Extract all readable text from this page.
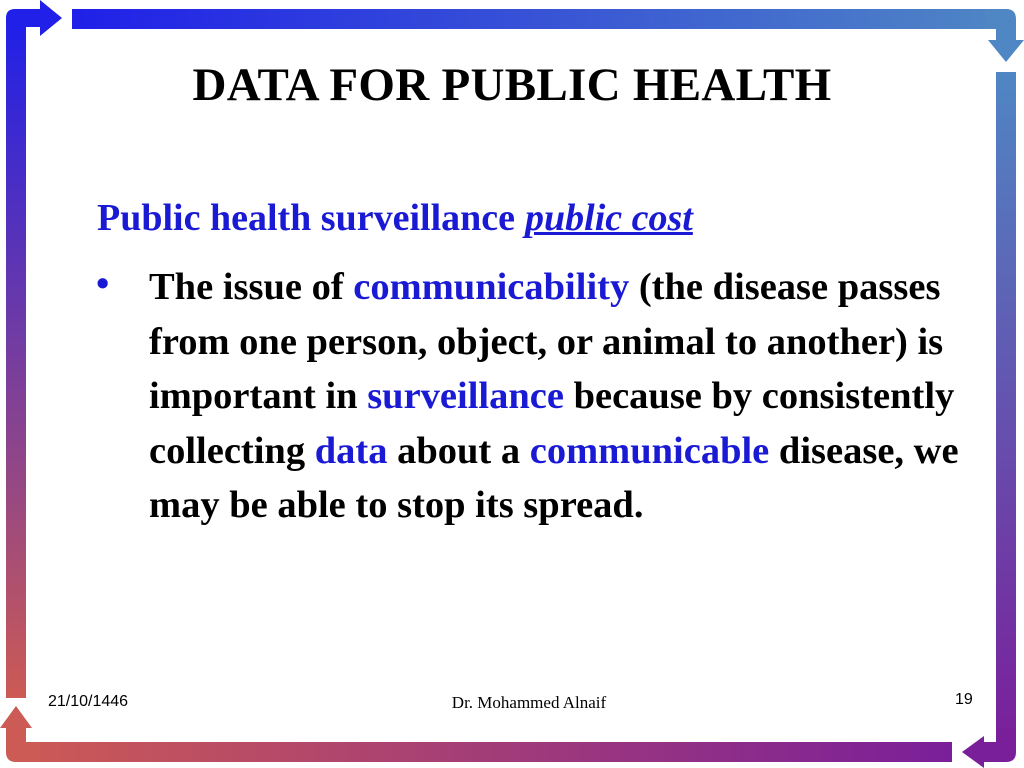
DATA FOR PUBLIC HEALTH
Public health surveillance public cost
• The issue of communicability (the disease passes from one person, object, or animal to another) is important in surveillance because by consistently collecting data about a communicable disease, we may be able to stop its spread.
21/10/1446	Dr. Mohammed Alnaif	19
